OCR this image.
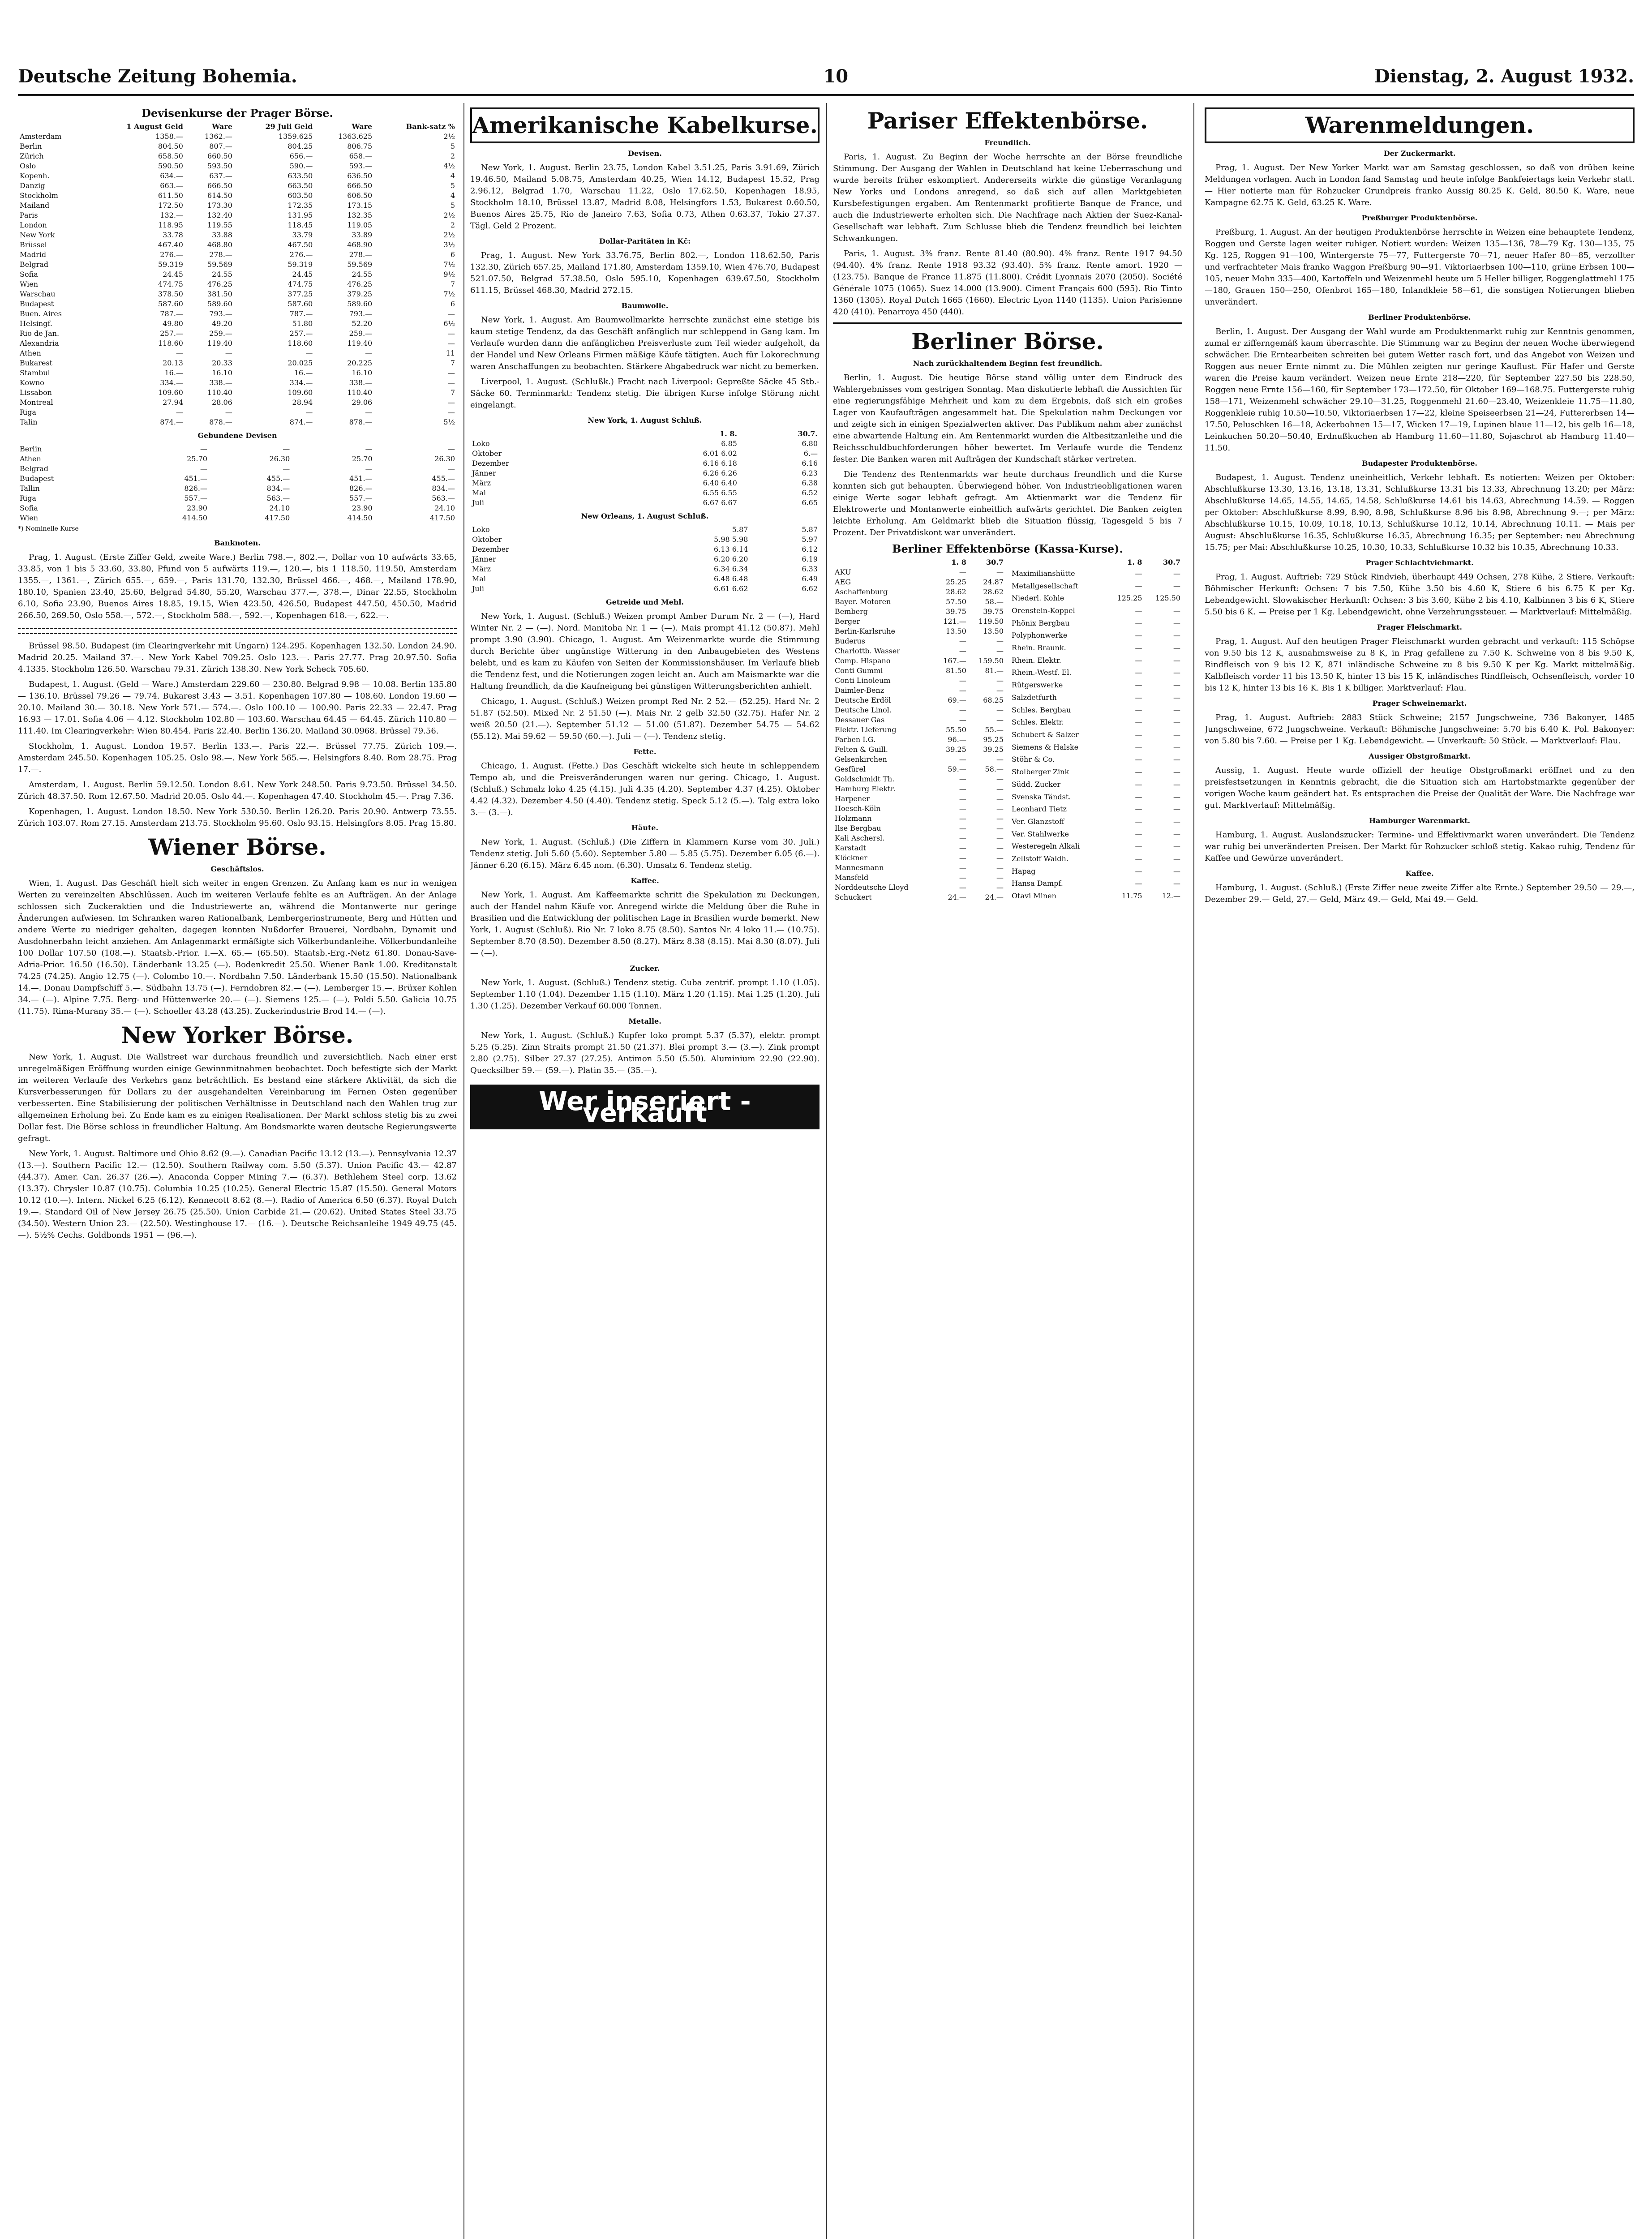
Deutsche Zeitung Bohemia.	10	Dienstag, 2. August 1932.
Devisenkurse der Prager Börse.
	1 August Geld	Ware	29 Juli Geld	Ware	Bank-satz %
Amsterdam	1358.—	1362.—	1359.625	1363.625	2½
Berlin	804.50	807.—	804.25	806.75	5
Zürich	658.50	660.50	656.—	658.—	2
Oslo	590.50	593.50	590.—	593.—	4½
Kopenh.	634.—	637.—	633.50	636.50	4
Danzig	663.—	666.50	663.50	666.50	5
Stockholm	611.50	614.50	603.50	606.50	4
Mailand	172.50	173.30	172.35	173.15	5
Paris	132.—	132.40	131.95	132.35	2½
London	118.95	119.55	118.45	119.05	2
New York	33.78	33.88	33.79	33.89	2½
Brüssel	467.40	468.80	467.50	468.90	3½
Madrid	276.—	278.—	276.—	278.—	6
Belgrad	59.319	59.569	59.319	59.569	7½
Sofia	24.45	24.55	24.45	24.55	9½
Wien	474.75	476.25	474.75	476.25	7
Warschau	378.50	381.50	377.25	379.25	7½
Budapest	587.60	589.60	587.60	589.60	6
Buen. Aires	787.—	793.—	787.—	793.—	—
Helsingf.	49.80	49.20	51.80	52.20	6½
Rio de Jan.	257.—	259.—	257.—	259.—	—
Alexandria	118.60	119.40	118.60	119.40	—
Athen	—	—	—	—	11
Bukarest	20.13	20.33	20.025	20.225	7
Stambul	16.—	16.10	16.—	16.10	—
Kowno	334.—	338.—	334.—	338.—	—
Lissabon	109.60	110.40	109.60	110.40	7
Montreal	27.94	28.06	28.94	29.06	—
Riga	—	—	—	—	—
Talin	874.—	878.—	874.—	878.—	5½
Gebundene Devisen
Berlin	—	—	—	—
Athen	25.70	26.30	25.70	26.30
Belgrad	—	—	—	—
Budapest	451.—	455.—	451.—	455.—
Tallin	826.—	834.—	826.—	834.—
Riga	557.—	563.—	557.—	563.—
Sofia	23.90	24.10	23.90	24.10
Wien	414.50	417.50	414.50	417.50
*) Nominelle Kurse
Banknoten.

Prag, 1. August. (Erste Ziffer Geld, zweite Ware.) Berlin 798.—, 802.—, Dollar von 10 aufwärts 33.65, 33.85, von 1 bis 5 33.60, 33.80, Pfund von 5 aufwärts 119.—, 120.—, bis 1 118.50, 119.50, Amsterdam 1355.—, 1361.—, Zürich 655.—, 659.—, Paris 131.70, 132.30, Brüssel 466.—, 468.—, Mailand 178.90, 180.10, Spanien 23.40, 25.60, Belgrad 54.80, 55.20, Warschau 377.—, 378.—, Dinar 22.55, Stockholm 6.10, Sofia 23.90, Buenos Aires 18.85, 19.15, Wien 423.50, 426.50, Budapest 447.50, 450.50, Madrid 266.50, 269.50, Oslo 558.—, 572.—, Stockholm 588.—, 592.—, Kopenhagen 618.—, 622.—.

Brüssel 98.50. Budapest (im Clearingverkehr mit Ungarn) 124.295. Kopenhagen 132.50. London 24.90. Madrid 20.25. Mailand 37.—. New York Kabel 709.25. Oslo 123.—. Paris 27.77. Prag 20.97.50. Sofia 4.1335. Stockholm 126.50. Warschau 79.31. Zürich 138.30. New York Scheck 705.60.

Budapest, 1. August. (Geld — Ware.) Amsterdam 229.60 — 230.80. Belgrad 9.98 — 10.08. Berlin 135.80 — 136.10. Brüssel 79.26 — 79.74. Bukarest 3.43 — 3.51. Kopenhagen 107.80 — 108.60. London 19.60 — 20.10. Mailand 30.— 30.18. New York 571.— 574.—. Oslo 100.10 — 100.90. Paris 22.33 — 22.47. Prag 16.93 — 17.01. Sofia 4.06 — 4.12. Stockholm 102.80 — 103.60. Warschau 64.45 — 64.45. Zürich 110.80 — 111.40. Im Clearingverkehr: Wien 80.454. Paris 22.40. Berlin 136.20. Mailand 30.0968. Brüssel 79.56.

Stockholm, 1. August. London 19.57. Berlin 133.—. Paris 22.—. Brüssel 77.75. Zürich 109.—. Amsterdam 245.50. Kopenhagen 105.25. Oslo 98.—. New York 565.—. Helsingfors 8.40. Rom 28.75. Prag 17.—.

Amsterdam, 1. August. Berlin 59.12.50. London 8.61. New York 248.50. Paris 9.73.50. Brüssel 34.50. Zürich 48.37.50. Rom 12.67.50. Madrid 20.05. Oslo 44.—. Kopenhagen 47.40. Stockholm 45.—. Prag 7.36.

Kopenhagen, 1. August. London 18.50. New York 530.50. Berlin 126.20. Paris 20.90. Antwerp 73.55. Zürich 103.07. Rom 27.15. Amsterdam 213.75. Stockholm 95.60. Oslo 93.15. Helsingfors 8.05. Prag 15.80.

Wiener Börse.
Geschäftslos.

Wien, 1. August. Das Geschäft hielt sich weiter in engen Grenzen. Zu Anfang kam es nur in wenigen Werten zu vereinzelten Abschlüssen. Auch im weiteren Verlaufe fehlte es an Aufträgen. An der Anlage schlossen sich Zuckeraktien und die Industriewerte an, während die Montanwerte nur geringe Änderungen aufwiesen. Im Schranken waren Rationalbank, Lembergerinstrumente, Berg und Hütten und andere Werte zu niedriger gehalten, dagegen konnten Nußdorfer Brauerei, Nordbahn, Dynamit und Ausdohnerbahn leicht anziehen. Am Anlagenmarkt ermäßigte sich Völkerbundanleihe. Völkerbundanleihe 100 Dollar 107.50 (108.—). Staatsb.-Prior. I.—X. 65.— (65.50). Staatsb.-Erg.-Netz 61.80. Donau-Save-Adria-Prior. 16.50 (16.50). Länderbank 13.25 (—). Bodenkredit 25.50. Wiener Bank 1.00. Kreditanstalt 74.25 (74.25). Angio 12.75 (—). Colombo 10.—. Nordbahn 7.50. Länderbank 15.50 (15.50). Nationalbank 14.—. Donau Dampfschiff 5.—. Südbahn 13.75 (—). Ferndobren 82.— (—). Lemberger 15.—. Brüxer Kohlen 34.— (—). Alpine 7.75. Berg- und Hüttenwerke 20.— (—). Siemens 125.— (—). Poldi 5.50. Galicia 10.75 (11.75). Rima-Murany 35.— (—). Schoeller 43.28 (43.25). Zuckerindustrie Brod 14.— (—).

New Yorker Börse.

New York, 1. August. Die Wallstreet war durchaus freundlich und zuversichtlich. Nach einer erst unregelmäßigen Eröffnung wurden einige Gewinnmitnahmen beobachtet. Doch befestigte sich der Markt im weiteren Verlaufe des Verkehrs ganz beträchtlich. Es bestand eine stärkere Aktivität, da sich die Kursverbesserungen für Dollars zu der ausgehandelten Vereinbarung im Fernen Osten gegenüber verbesserten. Eine Stabilisierung der politischen Verhältnisse in Deutschland nach den Wahlen trug zur allgemeinen Erholung bei. Zu Ende kam es zu einigen Realisationen. Der Markt schloss stetig bis zu zwei Dollar fest. Die Börse schloss in freundlicher Haltung. Am Bondsmarkte waren deutsche Regierungswerte gefragt.

New York, 1. August. Baltimore und Ohio 8.62 (9.—). Canadian Pacific 13.12 (13.—). Pennsylvania 12.37 (13.—). Southern Pacific 12.— (12.50). Southern Railway com. 5.50 (5.37). Union Pacific 43.— 42.87 (44.37). Amer. Can. 26.37 (26.—). Anaconda Copper Mining 7.— (6.37). Bethlehem Steel corp. 13.62 (13.37). Chrysler 10.87 (10.75). Columbia 10.25 (10.25). General Electric 15.87 (15.50). General Motors 10.12 (10.—). Intern. Nickel 6.25 (6.12). Kennecott 8.62 (8.—). Radio of America 6.50 (6.37). Royal Dutch 19.—. Standard Oil of New Jersey 26.75 (25.50). Union Carbide 21.— (20.62). United States Steel 33.75 (34.50). Western Union 23.— (22.50). Westinghouse 17.— (16.—). Deutsche Reichsanleihe 1949 49.75 (45.—). 5½% Cechs. Goldbonds 1951 — (96.—).

Amerikanische Kabelkurse.
Devisen.

New York, 1. August. Berlin 23.75, London Kabel 3.51.25, Paris 3.91.69, Zürich 19.46.50, Mailand 5.08.75, Amsterdam 40.25, Wien 14.12, Budapest 15.52, Prag 2.96.12, Belgrad 1.70, Warschau 11.22, Oslo 17.62.50, Kopenhagen 18.95, Stockholm 18.10, Brüssel 13.87, Madrid 8.08, Helsingfors 1.53, Bukarest 0.60.50, Buenos Aires 25.75, Rio de Janeiro 7.63, Sofia 0.73, Athen 0.63.37, Tokio 27.37. Tägl. Geld 2 Prozent.

Dollar-Paritäten in Kč:

Prag, 1. August. New York 33.76.75, Berlin 802.—, London 118.62.50, Paris 132.30, Zürich 657.25, Mailand 171.80, Amsterdam 1359.10, Wien 476.70, Budapest 521.07.50, Belgrad 57.38.50, Oslo 595.10, Kopenhagen 639.67.50, Stockholm 611.15, Brüssel 468.30, Madrid 272.15.

Baumwolle.

New York, 1. August. Am Baumwollmarkte herrschte zunächst eine stetige bis kaum stetige Tendenz, da das Geschäft anfänglich nur schleppend in Gang kam. Im Verlaufe wurden dann die anfänglichen Preisverluste zum Teil wieder aufgeholt, da der Handel und New Orleans Firmen mäßige Käufe tätigten. Auch für Lokorechnung waren Anschaffungen zu beobachten. Stärkere Abgabedruck war nicht zu bemerken.

Liverpool, 1. August. (Schlußk.) Fracht nach Liverpool: Gepreßte Säcke 45 Stb.-Säcke 60. Terminmarkt: Tendenz stetig. Die übrigen Kurse infolge Störung nicht eingelangt.

New York, 1. August Schluß.
	1. 8.	30.7.
Loko	6.85	6.80
Oktober	6.01 6.02	6.—
Dezember	6.16 6.18	6.16
Jänner	6.26 6.26	6.23
März	6.40 6.40	6.38
Mai	6.55 6.55	6.52
Juli	6.67 6.67	6.65
New Orleans, 1. August Schluß.
Loko	5.87	5.87
Oktober	5.98 5.98	5.97
Dezember	6.13 6.14	6.12
Jänner	6.20 6.20	6.19
März	6.34 6.34	6.33
Mai	6.48 6.48	6.49
Juli	6.61 6.62	6.62
Getreide und Mehl.

New York, 1. August. (Schluß.) Weizen prompt Amber Durum Nr. 2 — (—), Hard Winter Nr. 2 — (—). Nord. Manitoba Nr. 1 — (—). Mais prompt 41.12 (50.87). Mehl prompt 3.90 (3.90). Chicago, 1. August. Am Weizenmarkte wurde die Stimmung durch Berichte über ungünstige Witterung in den Anbaugebieten des Westens belebt, und es kam zu Käufen von Seiten der Kommissionshäuser. Im Verlaufe blieb die Tendenz fest, und die Notierungen zogen leicht an. Auch am Maismarkte war die Haltung freundlich, da die Kaufneigung bei günstigen Witterungsberichten anhielt.

Chicago, 1. August. (Schluß.) Weizen prompt Red Nr. 2 52.— (52.25). Hard Nr. 2 51.87 (52.50). Mixed Nr. 2 51.50 (—). Mais Nr. 2 gelb 32.50 (32.75). Hafer Nr. 2 weiß 20.50 (21.—). September 51.12 — 51.00 (51.87). Dezember 54.75 — 54.62 (55.12). Mai 59.62 — 59.50 (60.—). Juli — (—). Tendenz stetig.

Fette.

Chicago, 1. August. (Fette.) Das Geschäft wickelte sich heute in schleppendem Tempo ab, und die Preisveränderungen waren nur gering. Chicago, 1. August. (Schluß.) Schmalz loko 4.25 (4.15). Juli 4.35 (4.20). September 4.37 (4.25). Oktober 4.42 (4.32). Dezember 4.50 (4.40). Tendenz stetig. Speck 5.12 (5.—). Talg extra loko 3.— (3.—).

Häute.

New York, 1. August. (Schluß.) (Die Ziffern in Klammern Kurse vom 30. Juli.) Tendenz stetig. Juli 5.60 (5.60). September 5.80 — 5.85 (5.75). Dezember 6.05 (6.—). Jänner 6.20 (6.15). März 6.45 nom. (6.30). Umsatz 6. Tendenz stetig.

Kaffee.

New York, 1. August. Am Kaffeemarkte schritt die Spekulation zu Deckungen, auch der Handel nahm Käufe vor. Anregend wirkte die Meldung über die Ruhe in Brasilien und die Entwicklung der politischen Lage in Brasilien wurde bemerkt. New York, 1. August (Schluß). Rio Nr. 7 loko 8.75 (8.50). Santos Nr. 4 loko 11.— (10.75). September 8.70 (8.50). Dezember 8.50 (8.27). März 8.38 (8.15). Mai 8.30 (8.07). Juli — (—).

Zucker.

New York, 1. August. (Schluß.) Tendenz stetig. Cuba zentrif. prompt 1.10 (1.05). September 1.10 (1.04). Dezember 1.15 (1.10). März 1.20 (1.15). Mai 1.25 (1.20). Juli 1.30 (1.25). Dezember Verkauf 60.000 Tonnen.

Metalle.

New York, 1. August. (Schluß.) Kupfer loko prompt 5.37 (5.37), elektr. prompt 5.25 (5.25). Zinn Straits prompt 21.50 (21.37). Blei prompt 3.— (3.—). Zink prompt 2.80 (2.75). Silber 27.37 (27.25). Antimon 5.50 (5.50). Aluminium 22.90 (22.90). Quecksilber 59.— (59.—). Platin 35.— (35.—).

Wer inseriert - verkauft
Pariser Effektenbörse.
Freundlich.

Paris, 1. August. Zu Beginn der Woche herrschte an der Börse freundliche Stimmung. Der Ausgang der Wahlen in Deutschland hat keine Ueberraschung und wurde bereits früher eskomptiert. Andererseits wirkte die günstige Veranlagung New Yorks und Londons anregend, so daß sich auf allen Marktgebieten Kursbefestigungen ergaben. Am Rentenmarkt profitierte Banque de France, und auch die Industriewerte erholten sich. Die Nachfrage nach Aktien der Suez-Kanal-Gesellschaft war lebhaft. Zum Schlusse blieb die Tendenz freundlich bei leichten Schwankungen.

Paris, 1. August. 3% franz. Rente 81.40 (80.90). 4% franz. Rente 1917 94.50 (94.40). 4% franz. Rente 1918 93.32 (93.40). 5% franz. Rente amort. 1920 — (123.75). Banque de France 11.875 (11.800). Crédit Lyonnais 2070 (2050). Société Générale 1075 (1065). Suez 14.000 (13.900). Ciment Français 600 (595). Rio Tinto 1360 (1305). Royal Dutch 1665 (1660). Electric Lyon 1140 (1135). Union Parisienne 420 (410). Penarroya 450 (440).

Berliner Börse.
Nach zurückhaltendem Beginn fest freundlich.

Berlin, 1. August. Die heutige Börse stand völlig unter dem Eindruck des Wahlergebnisses vom gestrigen Sonntag. Man diskutierte lebhaft die Aussichten für eine regierungsfähige Mehrheit und kam zu dem Ergebnis, daß sich ein großes Lager von Kaufaufträgen angesammelt hat. Die Spekulation nahm Deckungen vor und zeigte sich in einigen Spezialwerten aktiver. Das Publikum nahm aber zunächst eine abwartende Haltung ein. Am Rentenmarkt wurden die Altbesitzanleihe und die Reichsschuldbuchforderungen höher bewertet. Im Verlaufe wurde die Tendenz fester. Die Banken waren mit Aufträgen der Kundschaft stärker vertreten.

Die Tendenz des Rentenmarkts war heute durchaus freundlich und die Kurse konnten sich gut behaupten. Überwiegend höher. Von Industrieobligationen waren einige Werte sogar lebhaft gefragt. Am Aktienmarkt war die Tendenz für Elektrowerte und Montanwerte einheitlich aufwärts gerichtet. Die Banken zeigten leichte Erholung. Am Geldmarkt blieb die Situation flüssig, Tagesgeld 5 bis 7 Prozent. Der Privatdiskont war unverändert.

Berliner Effektenbörse (Kassa-Kurse).
	1. 8	30.7
AKU	—	—
AEG	25.25	24.87
Aschaffenburg	28.62	28.62
Bayer. Motoren	57.50	58.—
Bemberg	39.75	39.75
Berger	121.—	119.50
Berlin-Karlsruhe	13.50	13.50
Buderus	—	—
Charlottb. Wasser	—	—
Comp. Hispano	167.—	159.50
Conti Gummi	81.50	81.—
Conti Linoleum	—	—
Daimler-Benz	—	—
Deutsche Erdöl	69.—	68.25
Deutsche Linol.	—	—
Dessauer Gas	—	—
Elektr. Lieferung	55.50	55.—
Farben I.G.	96.—	95.25
Felten & Guill.	39.25	39.25
Gelsenkirchen	—	—
Gesfürel	59.—	58.—
Goldschmidt Th.	—	—
Hamburg Elektr.	—	—
Harpener	—	—
Hoesch-Köln	—	—
Holzmann	—	—
Ilse Bergbau	—	—
Kali Aschersl.	—	—
Karstadt	—	—
Klöckner	—	—
Mannesmann	—	—
Mansfeld	—	—
Norddeutsche Lloyd	—	—
Schuckert	24.—	24.—
	1. 8	30.7
Maximilianshütte	—	—
Metallgesellschaft	—	—
Niederl. Kohle	125.25	125.50
Orenstein-Koppel	—	—
Phönix Bergbau	—	—
Polyphonwerke	—	—
Rhein. Braunk.	—	—
Rhein. Elektr.	—	—
Rhein.-Westf. El.	—	—
Rütgerswerke	—	—
Salzdetfurth	—	—
Schles. Bergbau	—	—
Schles. Elektr.	—	—
Schubert & Salzer	—	—
Siemens & Halske	—	—
Stöhr & Co.	—	—
Stolberger Zink	—	—
Südd. Zucker	—	—
Svenska Tändst.	—	—
Leonhard Tietz	—	—
Ver. Glanzstoff	—	—
Ver. Stahlwerke	—	—
Westeregeln Alkali	—	—
Zellstoff Waldh.	—	—
Hapag	—	—
Hansa Dampf.	—	—
Otavi Minen	11.75	12.—
Warenmeldungen.
Der Zuckermarkt.

Prag, 1. August. Der New Yorker Markt war am Samstag geschlossen, so daß von drüben keine Meldungen vorlagen. Auch in London fand Samstag und heute infolge Bankfeiertags kein Verkehr statt. — Hier notierte man für Rohzucker Grundpreis franko Aussig 80.25 K. Geld, 80.50 K. Ware, neue Kampagne 62.75 K. Geld, 63.25 K. Ware.

Preßburger Produktenbörse.

Preßburg, 1. August. An der heutigen Produktenbörse herrschte in Weizen eine behauptete Tendenz, Roggen und Gerste lagen weiter ruhiger. Notiert wurden: Weizen 135—136, 78—79 Kg. 130—135, 75 Kg. 125, Roggen 91—100, Wintergerste 75—77, Futtergerste 70—71, neuer Hafer 80—85, verzollter und verfrachteter Mais franko Waggon Preßburg 90—91. Viktoriaerbsen 100—110, grüne Erbsen 100—105, neuer Mohn 335—400, Kartoffeln und Weizenmehl heute um 5 Heller billiger, Roggenglattmehl 175—180, Grauen 150—250, Ofenbrot 165—180, Inlandkleie 58—61, die sonstigen Notierungen blieben unverändert.

Berliner Produktenbörse.

Berlin, 1. August. Der Ausgang der Wahl wurde am Produktenmarkt ruhig zur Kenntnis genommen, zumal er zifferngemäß kaum überraschte. Die Stimmung war zu Beginn der neuen Woche überwiegend schwächer. Die Erntearbeiten schreiten bei gutem Wetter rasch fort, und das Angebot von Weizen und Roggen aus neuer Ernte nimmt zu. Die Mühlen zeigten nur geringe Kauflust. Für Hafer und Gerste waren die Preise kaum verändert. Weizen neue Ernte 218—220, für September 227.50 bis 228.50, Roggen neue Ernte 156—160, für September 173—172.50, für Oktober 169—168.75. Futtergerste ruhig 158—171, Weizenmehl schwächer 29.10—31.25, Roggenmehl 21.60—23.40, Weizenkleie 11.75—11.80, Roggenkleie ruhig 10.50—10.50, Viktoriaerbsen 17—22, kleine Speiseerbsen 21—24, Futtererbsen 14—17.50, Peluschken 16—18, Ackerbohnen 15—17, Wicken 17—19, Lupinen blaue 11—12, bis gelb 16—18, Leinkuchen 50.20—50.40, Erdnußkuchen ab Hamburg 11.60—11.80, Sojaschrot ab Hamburg 11.40—11.50.

Budapester Produktenbörse.

Budapest, 1. August. Tendenz uneinheitlich, Verkehr lebhaft. Es notierten: Weizen per Oktober: Abschlußkurse 13.30, 13.16, 13.18, 13.31, Schlußkurse 13.31 bis 13.33, Abrechnung 13.20; per März: Abschlußkurse 14.65, 14.55, 14.65, 14.58, Schlußkurse 14.61 bis 14.63, Abrechnung 14.59. — Roggen per Oktober: Abschlußkurse 8.99, 8.90, 8.98, Schlußkurse 8.96 bis 8.98, Abrechnung 9.—; per März: Abschlußkurse 10.15, 10.09, 10.18, 10.13, Schlußkurse 10.12, 10.14, Abrechnung 10.11. — Mais per August: Abschlußkurse 16.35, Schlußkurse 16.35, Abrechnung 16.35; per September: neu Abrechnung 15.75; per Mai: Abschlußkurse 10.25, 10.30, 10.33, Schlußkurse 10.32 bis 10.35, Abrechnung 10.33.

Prager Schlachtviehmarkt.

Prag, 1. August. Auftrieb: 729 Stück Rindvieh, überhaupt 449 Ochsen, 278 Kühe, 2 Stiere. Verkauft: Böhmischer Herkunft: Ochsen: 7 bis 7.50, Kühe 3.50 bis 4.60 K, Stiere 6 bis 6.75 K per Kg. Lebendgewicht. Slowakischer Herkunft: Ochsen: 3 bis 3.60, Kühe 2 bis 4.10, Kalbinnen 3 bis 6 K, Stiere 5.50 bis 6 K. — Preise per 1 Kg. Lebendgewicht, ohne Verzehrungssteuer. — Marktverlauf: Mittelmäßig.

Prager Fleischmarkt.

Prag, 1. August. Auf den heutigen Prager Fleischmarkt wurden gebracht und verkauft: 115 Schöpse von 9.50 bis 12 K, ausnahmsweise zu 8 K, in Prag gefallene zu 7.50 K. Schweine von 8 bis 9.50 K, Rindfleisch von 9 bis 12 K, 871 inländische Schweine zu 8 bis 9.50 K per Kg. Markt mittelmäßig. Kalbfleisch vorder 11 bis 13.50 K, hinter 13 bis 15 K, inländisches Rindfleisch, Ochsenfleisch, vorder 10 bis 12 K, hinter 13 bis 16 K. Bis 1 K billiger. Marktverlauf: Flau.

Prager Schweinemarkt.

Prag, 1. August. Auftrieb: 2883 Stück Schweine; 2157 Jungschweine, 736 Bakonyer, 1485 Jungschweine, 672 Jungschweine. Verkauft: Böhmische Jungschweine: 5.70 bis 6.40 K. Pol. Bakonyer: von 5.80 bis 7.60. — Preise per 1 Kg. Lebendgewicht. — Unverkauft: 50 Stück. — Marktverlauf: Flau.

Aussiger Obstgroßmarkt.

Aussig, 1. August. Heute wurde offiziell der heutige Obstgroßmarkt eröffnet und zu den preisfestsetzungen in Kenntnis gebracht, die die Situation sich am Hartobstmarkte gegenüber der vorigen Woche kaum geändert hat. Es entsprachen die Preise der Qualität der Ware. Die Nachfrage war gut. Marktverlauf: Mittelmäßig.

Hamburger Warenmarkt.

Hamburg, 1. August. Auslandszucker: Termine- und Effektivmarkt waren unverändert. Die Tendenz war ruhig bei unveränderten Preisen. Der Markt für Rohzucker schloß stetig. Kakao ruhig, Tendenz für Kaffee und Gewürze unverändert.

Kaffee.

Hamburg, 1. August. (Schluß.) (Erste Ziffer neue zweite Ziffer alte Ernte.) September 29.50 — 29.—, Dezember 29.— Geld, 27.— Geld, März 49.— Geld, Mai 49.— Geld.
